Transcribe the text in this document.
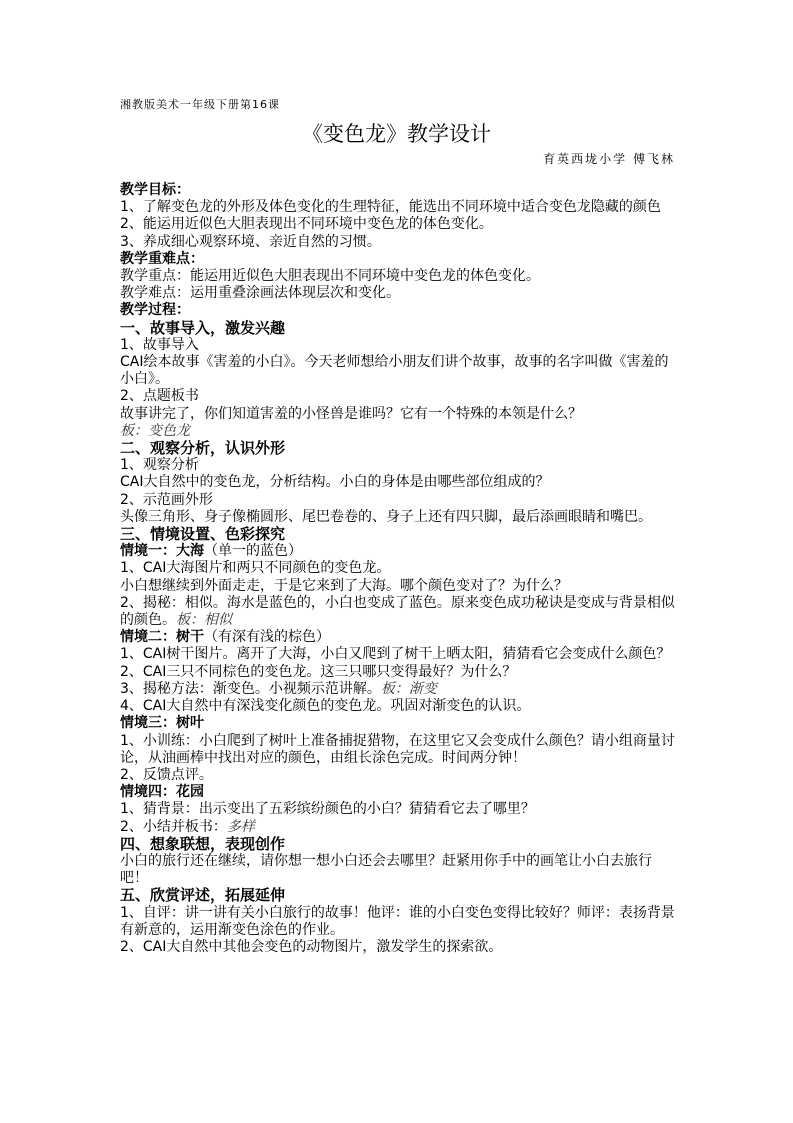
湘教版美术一年级下册第16课
《变色龙》教学设计
育英西垅小学 傅飞林

教学目标：

1、了解变色龙的外形及体色变化的生理特征，能选出不同环境中适合变色龙隐藏的颜色

2、能运用近似色大胆表现出不同环境中变色龙的体色变化。

3、养成细心观察环境、亲近自然的习惯。

教学重难点：

教学重点：能运用近似色大胆表现出不同环境中变色龙的体色变化。

教学难点：运用重叠涂画法体现层次和变化。

教学过程：

一、故事导入，激发兴趣

1、故事导入

CAI绘本故事《害羞的小白》。今天老师想给小朋友们讲个故事，故事的名字叫做《害羞的小白》。

2、点题板书

故事讲完了，你们知道害羞的小怪兽是谁吗？它有一个特殊的本领是什么？

板：变色龙

二、观察分析，认识外形

1、观察分析

CAI大自然中的变色龙，分析结构。小白的身体是由哪些部位组成的？

2、示范画外形

头像三角形、身子像椭圆形、尾巴卷卷的、身子上还有四只脚，最后添画眼睛和嘴巴。

三、情境设置、色彩探究

情境一：大海（单一的蓝色）

1、CAI大海图片和两只不同颜色的变色龙。

小白想继续到外面走走，于是它来到了大海。哪个颜色变对了？为什么？

2、揭秘：相似。海水是蓝色的，小白也变成了蓝色。原来变色成功秘诀是变成与背景相似的颜色。板：相似

情境二：树干（有深有浅的棕色）

1、CAI树干图片。离开了大海，小白又爬到了树干上晒太阳，猜猜看它会变成什么颜色？

2、CAI三只不同棕色的变色龙。这三只哪只变得最好？为什么？

3、揭秘方法：渐变色。小视频示范讲解。板：渐变

4、CAI大自然中有深浅变化颜色的变色龙。巩固对渐变色的认识。

情境三：树叶

1、小训练：小白爬到了树叶上准备捕捉猎物，在这里它又会变成什么颜色？请小组商量讨论，从油画棒中找出对应的颜色，由组长涂色完成。时间两分钟！

2、反馈点评。

情境四：花园

1、猜背景：出示变出了五彩缤纷颜色的小白？猜猜看它去了哪里？

2、小结并板书：多样

四、想象联想，表现创作

小白的旅行还在继续，请你想一想小白还会去哪里？赶紧用你手中的画笔让小白去旅行吧！

五、欣赏评述，拓展延伸

1、自评：讲一讲有关小白旅行的故事！他评：谁的小白变色变得比较好？师评：表扬背景有新意的，运用渐变色涂色的作业。

2、CAI大自然中其他会变色的动物图片，激发学生的探索欲。
